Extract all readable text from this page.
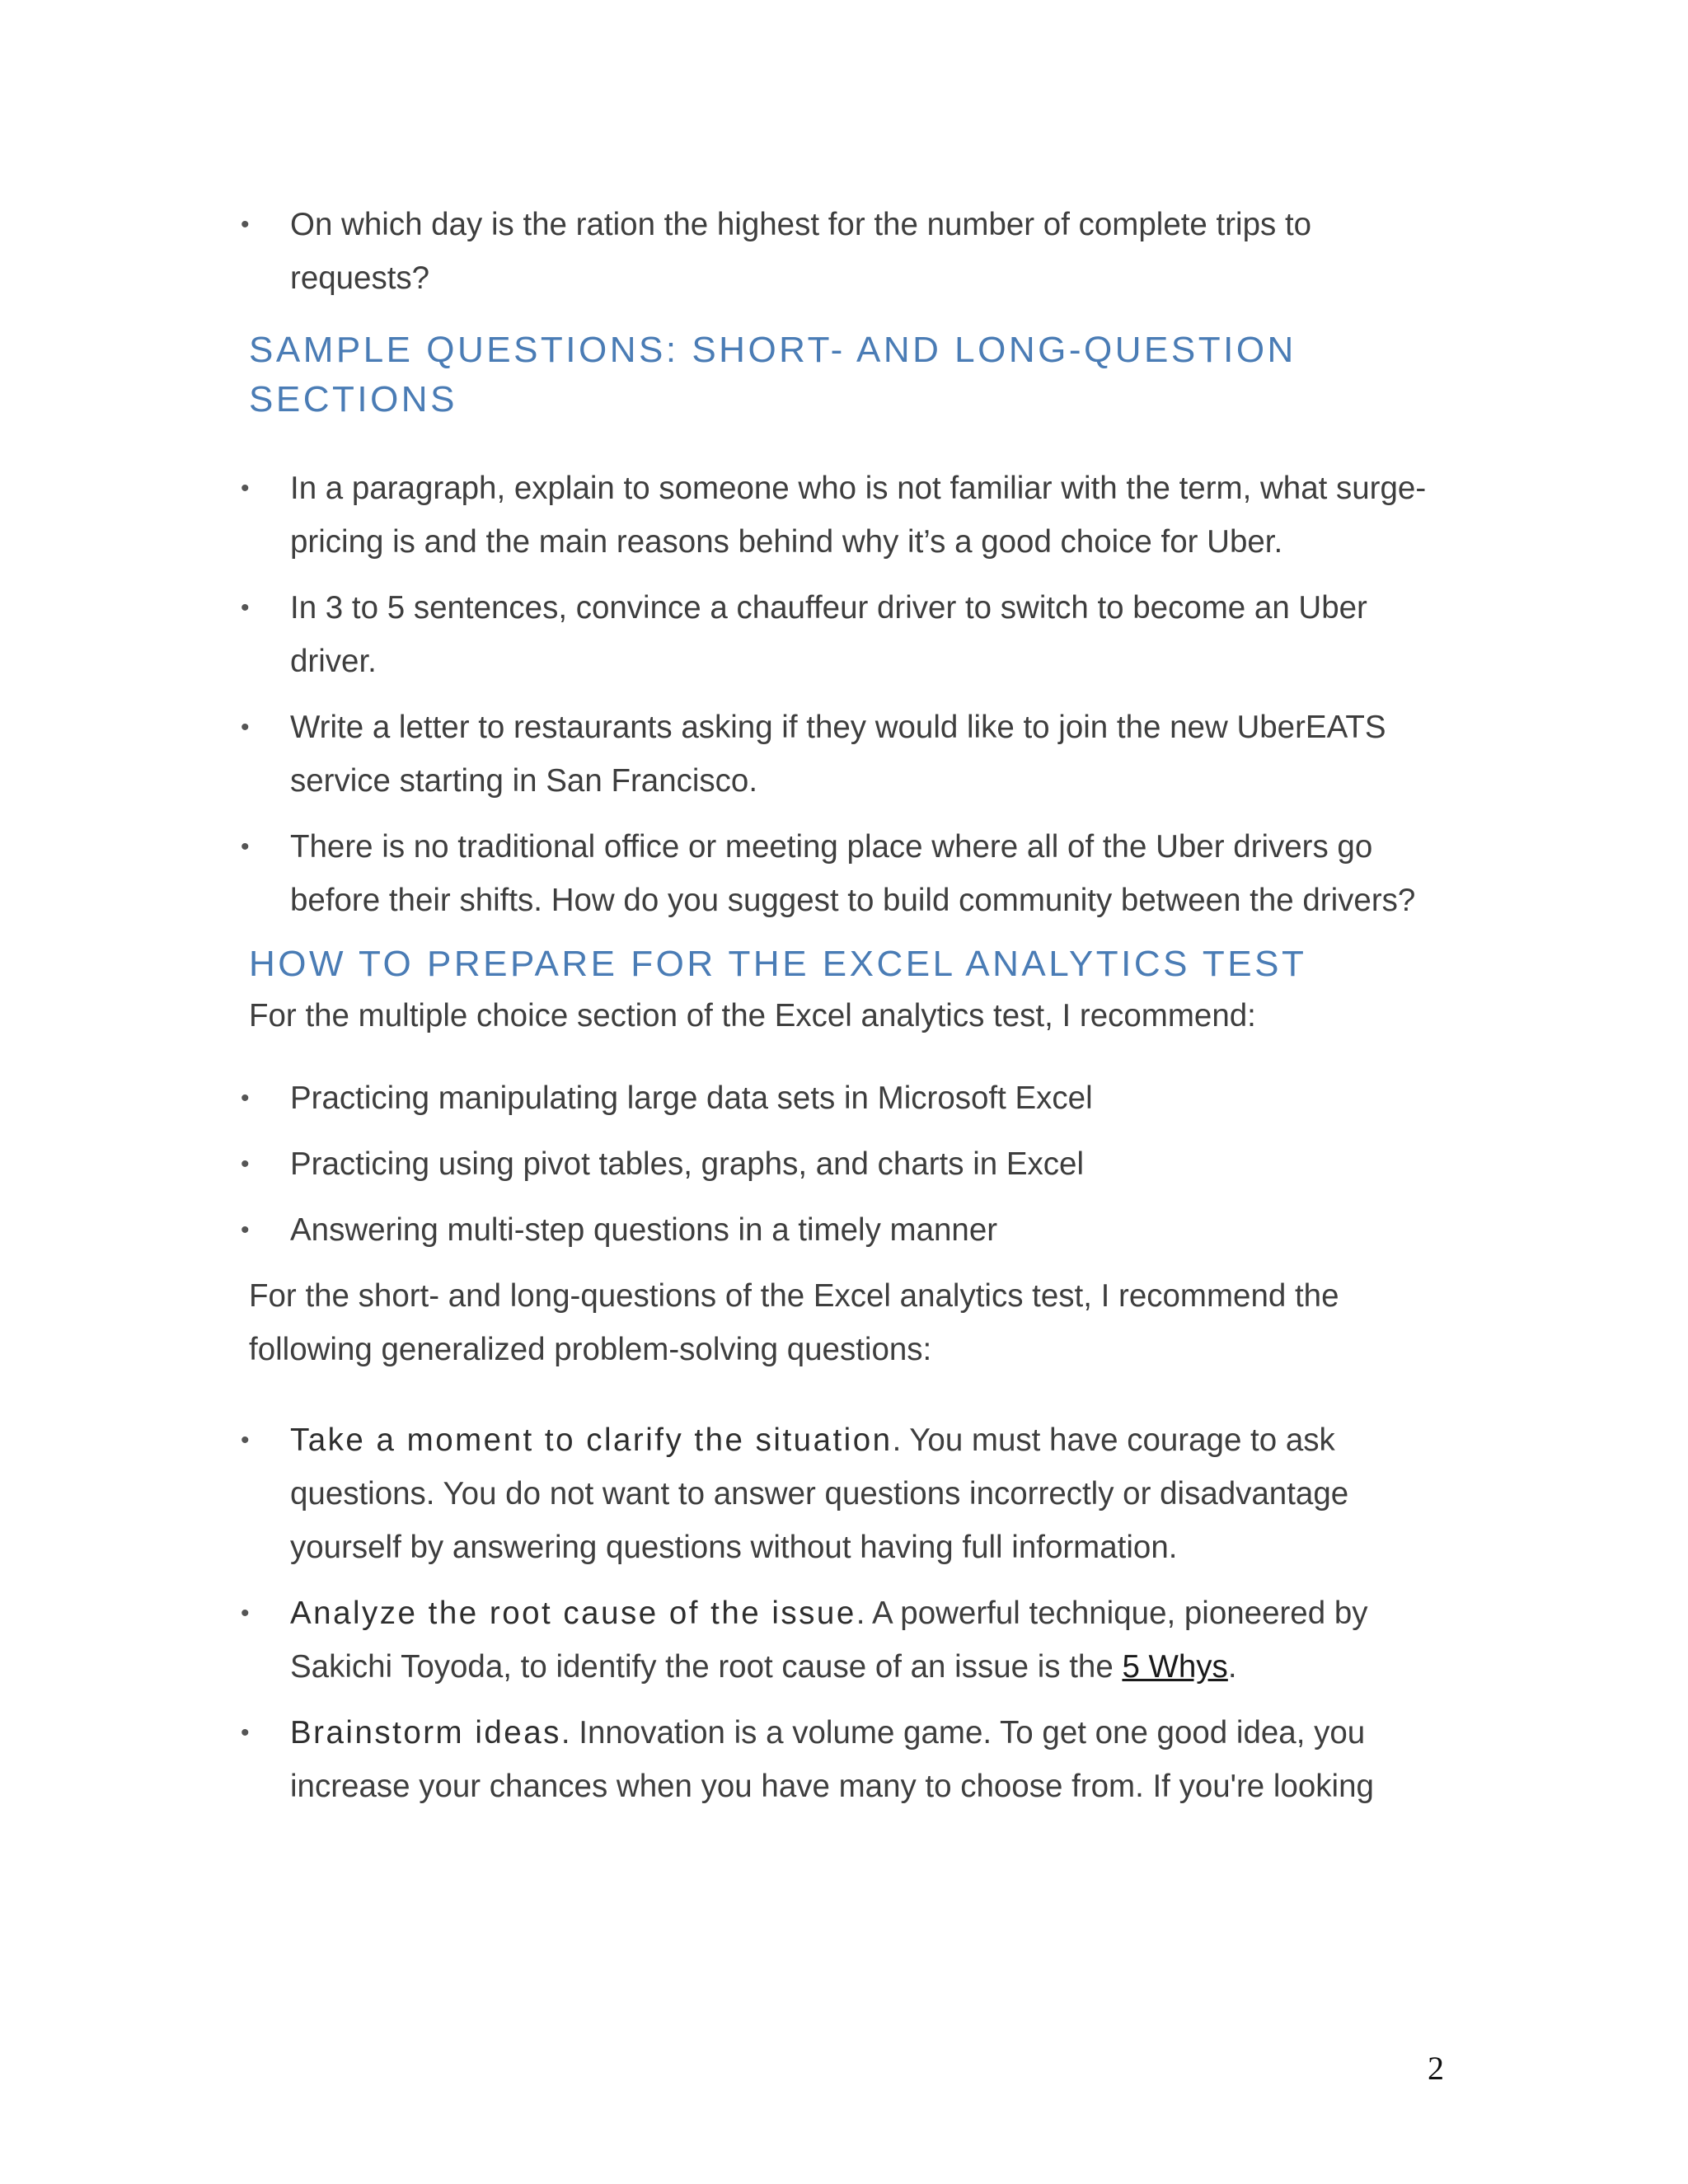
• On which day is the ration the highest for the number of complete trips to requests?
SAMPLE QUESTIONS: SHORT- AND LONG-QUESTION
SECTIONS
• In a paragraph, explain to someone who is not familiar with the term, what surge-pricing is and the main reasons behind why it’s a good choice for Uber.
• In 3 to 5 sentences, convince a chauffeur driver to switch to become an Uber driver.
• Write a letter to restaurants asking if they would like to join the new UberEATS service starting in San Francisco.
• There is no traditional office or meeting place where all of the Uber drivers go before their shifts. How do you suggest to build community between the drivers?
HOW TO PREPARE FOR THE EXCEL ANALYTICS TEST

For the multiple choice section of the Excel analytics test, I recommend:

• Practicing manipulating large data sets in Microsoft Excel
• Practicing using pivot tables, graphs, and charts in Excel
• Answering multi-step questions in a timely manner

For the short- and long-questions of the Excel analytics test, I recommend the following generalized problem-solving questions:

• Take a moment to clarify the situation. You must have courage to ask questions. You do not want to answer questions incorrectly or disadvantage yourself by answering questions without having full information.
• Analyze the root cause of the issue. A powerful technique, pioneered by Sakichi Toyoda, to identify the root cause of an issue is the 5 Whys.
• Brainstorm ideas. Innovation is a volume game. To get one good idea, you increase your chances when you have many to choose from. If you're looking
2
